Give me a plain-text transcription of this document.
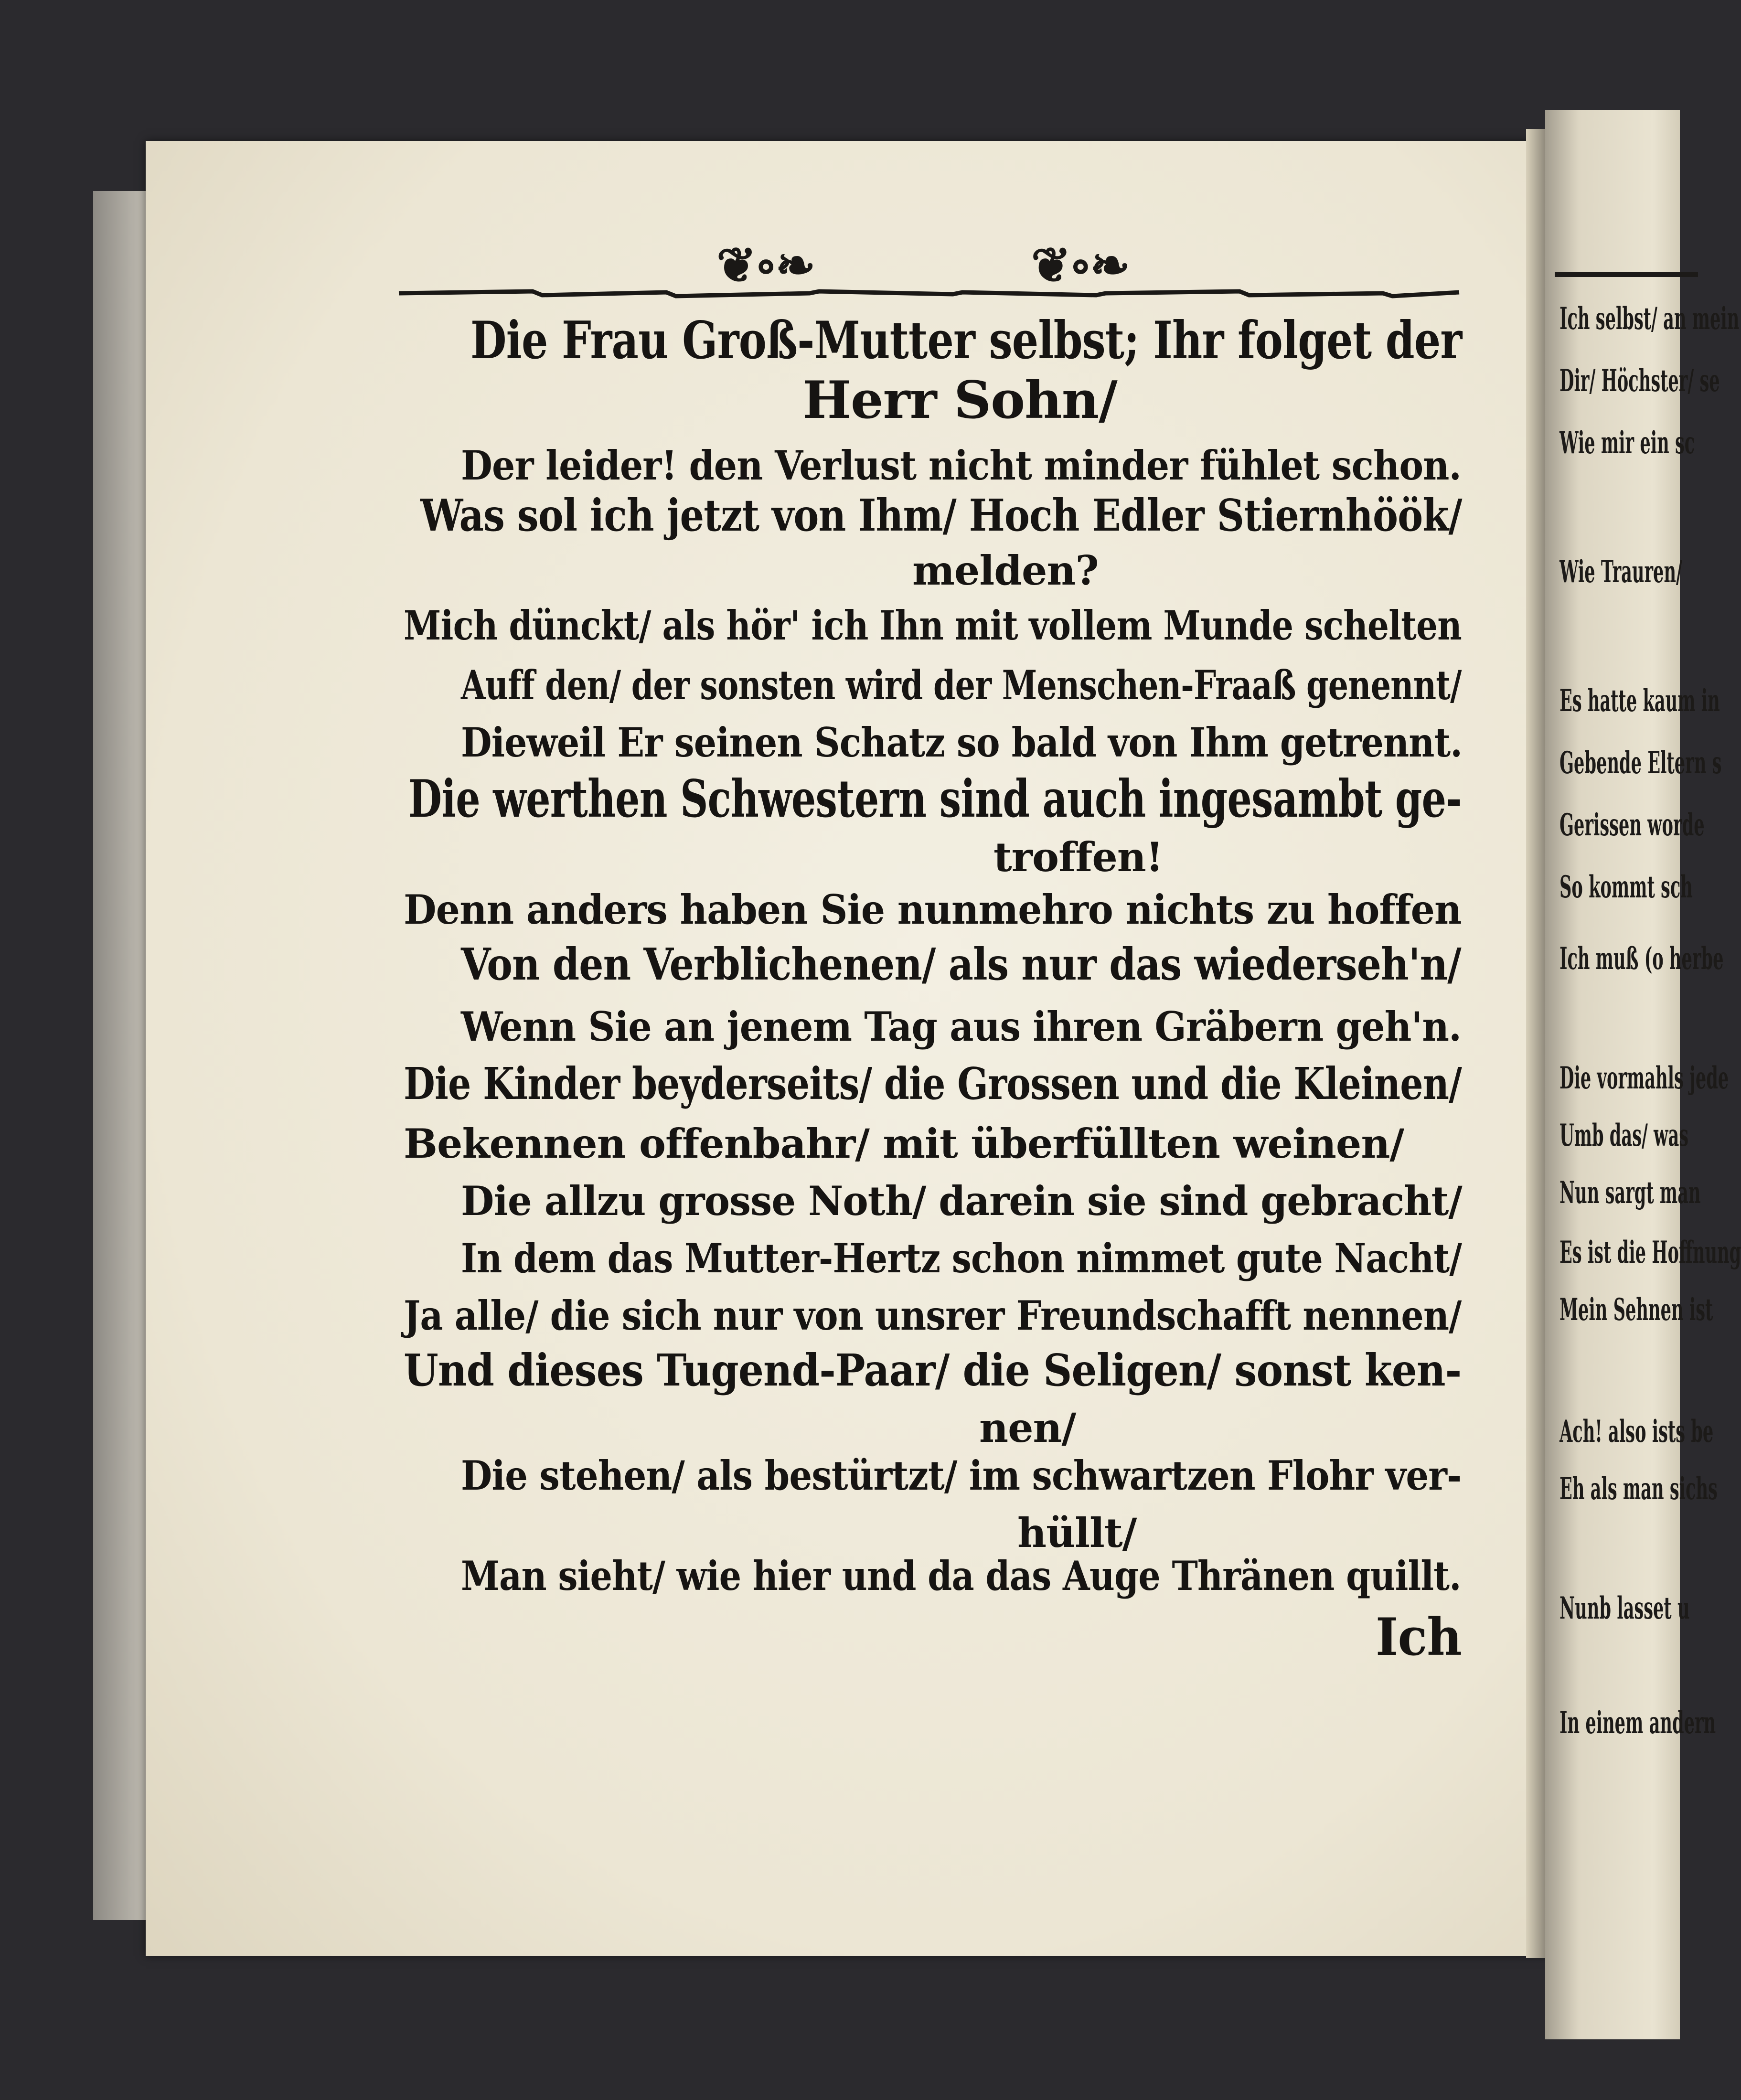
Ich selbst/ an mein
Dir/ Höchster/ se
Wie mir ein sc
Wie Trauren/
Es hatte kaum in
Gebende Eltern s
Gerissen worde
So kommt sch
Ich muß (o herbe
Die vormahls jede
Umb das/ was
Nun sargt man
Es ist die Hoffnung
Mein Sehnen ist
Ach! also ists be
Eh als man sichs
Nunb lasset u
In einem andern
❦∘❧	❦∘❧
Die Frau Groß-Mutter selbst; Ihr folget der
Herr Sohn/
Der leider! den Verlust nicht minder fühlet schon.
Was sol ich jetzt von Ihm/ Hoch Edler Stiernhöök/
melden?
Mich dünckt/ als hör' ich Ihn mit vollem Munde schelten
Auff den/ der sonsten wird der Menschen-Fraaß genennt/
Dieweil Er seinen Schatz so bald von Ihm getrennt.
Die werthen Schwestern sind auch ingesambt ge-
troffen!
Denn anders haben Sie nunmehro nichts zu hoffen
Von den Verblichenen/ als nur das wiederseh'n/
Wenn Sie an jenem Tag aus ihren Gräbern geh'n.
Die Kinder beyderseits/ die Grossen und die Kleinen/
Bekennen offenbahr/ mit überfüllten weinen/
Die allzu grosse Noth/ darein sie sind gebracht/
In dem das Mutter-Hertz schon nimmet gute Nacht/
Ja alle/ die sich nur von unsrer Freundschafft nennen/
Und dieses Tugend-Paar/ die Seligen/ sonst ken-
nen/
Die stehen/ als bestürtzt/ im schwartzen Flohr ver-
hüllt/
Man sieht/ wie hier und da das Auge Thränen quillt.
Ich
